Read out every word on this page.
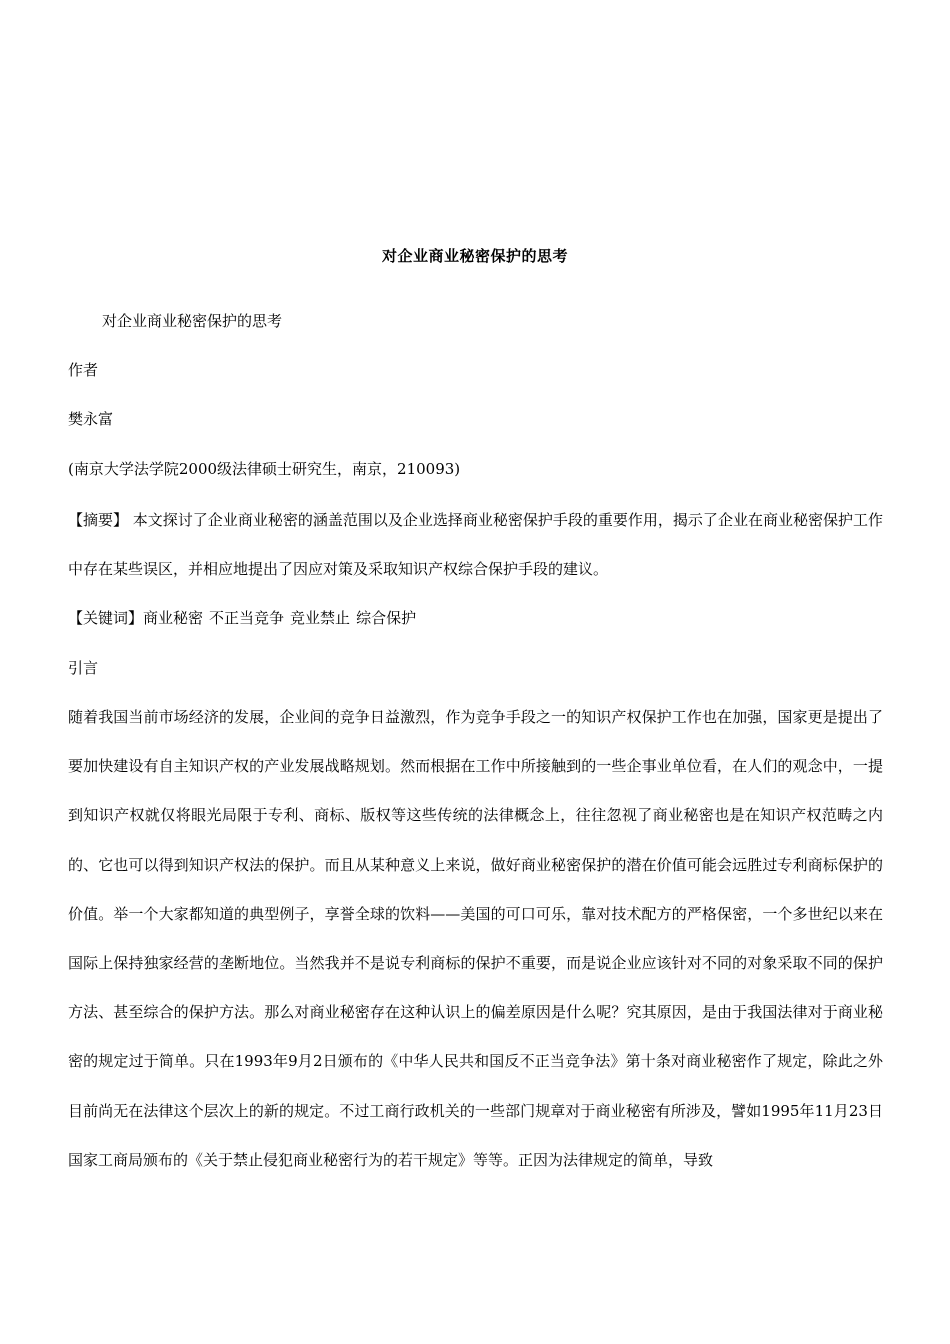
对企业商业秘密保护的思考
对企业商业秘密保护的思考
作者
樊永富
(南京大学法学院2000级法律硕士研究生，南京，210093)
【摘要】 本文探讨了企业商业秘密的涵盖范围以及企业选择商业秘密保护手段的重要作用，揭示了企业在商业秘密保护工作中存在某些误区，并相应地提出了因应对策及采取知识产权综合保护手段的建议。
【关键词】商业秘密 不正当竞争 竞业禁止 综合保护
引言
随着我国当前市场经济的发展，企业间的竞争日益激烈，作为竞争手段之一的知识产权保护工作也在加强，国家更是提出了要加快建设有自主知识产权的产业发展战略规划。然而根据在工作中所接触到的一些企事业单位看，在人们的观念中，一提到知识产权就仅将眼光局限于专利、商标、版权等这些传统的法律概念上，往往忽视了商业秘密也是在知识产权范畴之内的、它也可以得到知识产权法的保护。而且从某种意义上来说，做好商业秘密保护的潜在价值可能会远胜过专利商标保护的价值。举一个大家都知道的典型例子，享誉全球的饮料——美国的可口可乐，靠对技术配方的严格保密，一个多世纪以来在国际上保持独家经营的垄断地位。当然我并不是说专利商标的保护不重要，而是说企业应该针对不同的对象采取不同的保护方法、甚至综合的保护方法。那么对商业秘密存在这种认识上的偏差原因是什么呢？究其原因，是由于我国法律对于商业秘密的规定过于简单。只在1993年9月2日颁布的《中华人民共和国反不正当竞争法》第十条对商业秘密作了规定，除此之外目前尚无在法律这个层次上的新的规定。不过工商行政机关的一些部门规章对于商业秘密有所涉及，譬如1995年11月23日国家工商局颁布的《关于禁止侵犯商业秘密行为的若干规定》等等。正因为法律规定的简单，导致
